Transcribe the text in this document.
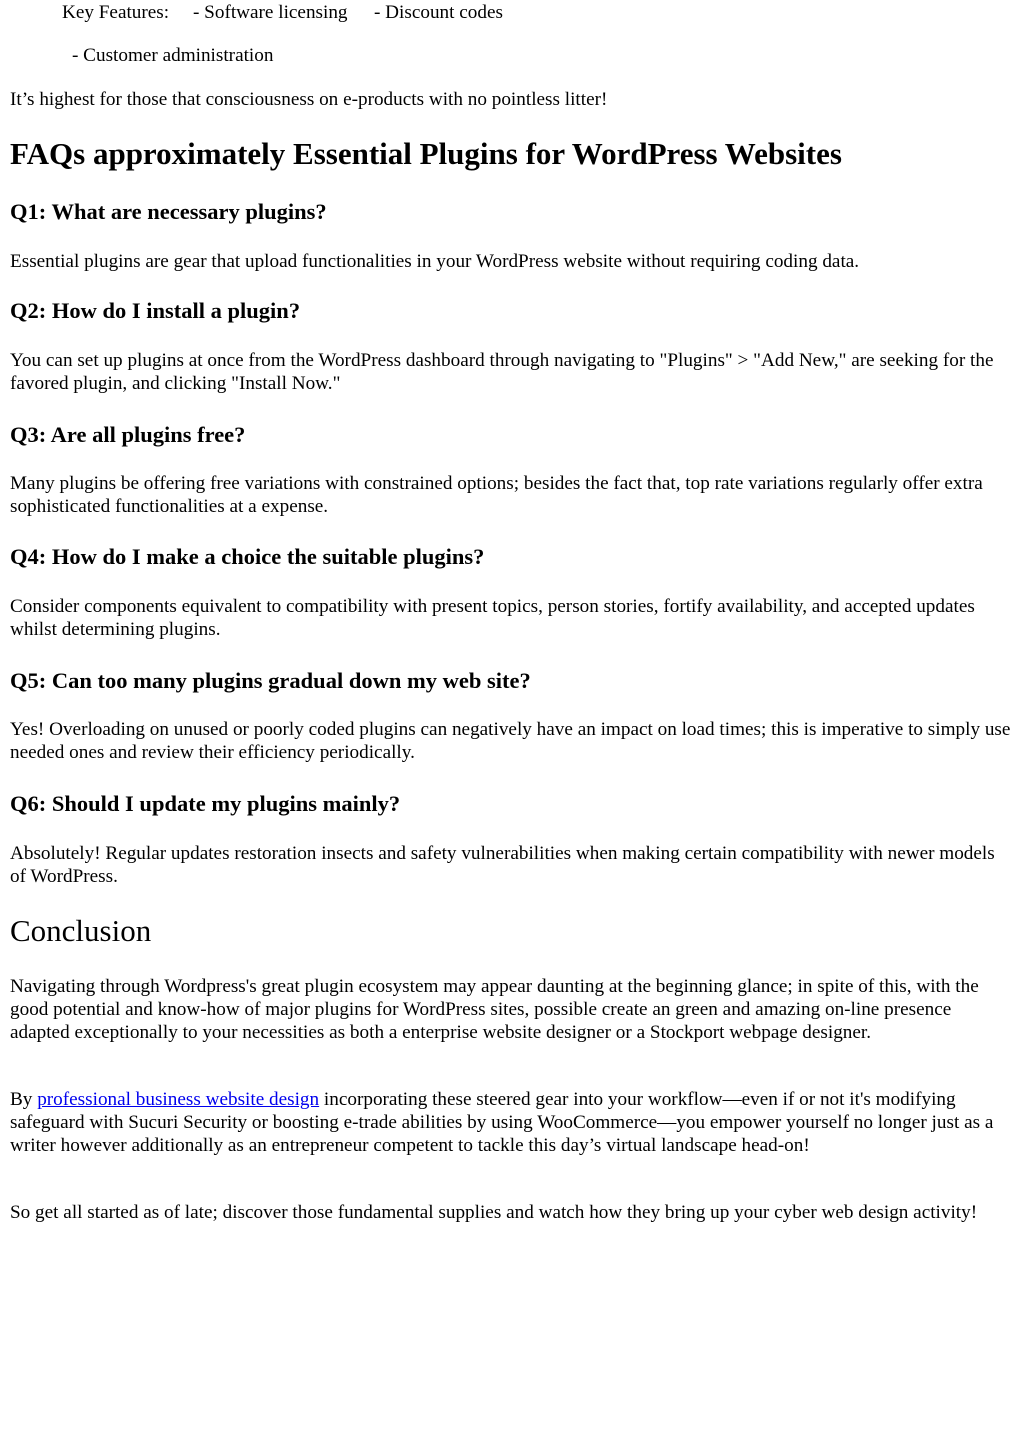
Key Features: - Software licensing - Discount codes
- Customer administration

It’s highest for those that consciousness on e-products with no pointless litter!

FAQs approximately Essential Plugins for WordPress Websites
Q1: What are necessary plugins?

Essential plugins are gear that upload functionalities in your WordPress website without requiring coding data.

Q2: How do I install a plugin?

You can set up plugins at once from the WordPress dashboard through navigating to "Plugins" > "Add New," are seeking for the favored plugin, and clicking "Install Now."

Q3: Are all plugins free?

Many plugins be offering free variations with constrained options; besides the fact that, top rate variations regularly offer extra sophisticated functionalities at a expense.

Q4: How do I make a choice the suitable plugins?

Consider components equivalent to compatibility with present topics, person stories, fortify availability, and accepted updates whilst determining plugins.

Q5: Can too many plugins gradual down my web site?

Yes! Overloading on unused or poorly coded plugins can negatively have an impact on load times; this is imperative to simply use needed ones and review their efficiency periodically.

Q6: Should I update my plugins mainly?

Absolutely! Regular updates restoration insects and safety vulnerabilities when making certain compatibility with newer models of WordPress.

Conclusion

Navigating through Wordpress's great plugin ecosystem may appear daunting at the beginning glance; in spite of this, with the good potential and know-how of major plugins for WordPress sites, possible create an green and amazing on-line presence adapted exceptionally to your necessities as both a enterprise website designer or a Stockport webpage designer.

By professional business website design incorporating these steered gear into your workflow—even if or not it's modifying safeguard with Sucuri Security or boosting e-trade abilities by using WooCommerce—you empower yourself no longer just as a writer however additionally as an entrepreneur competent to tackle this day’s virtual landscape head-on!

So get all started as of late; discover those fundamental supplies and watch how they bring up your cyber web design activity!
